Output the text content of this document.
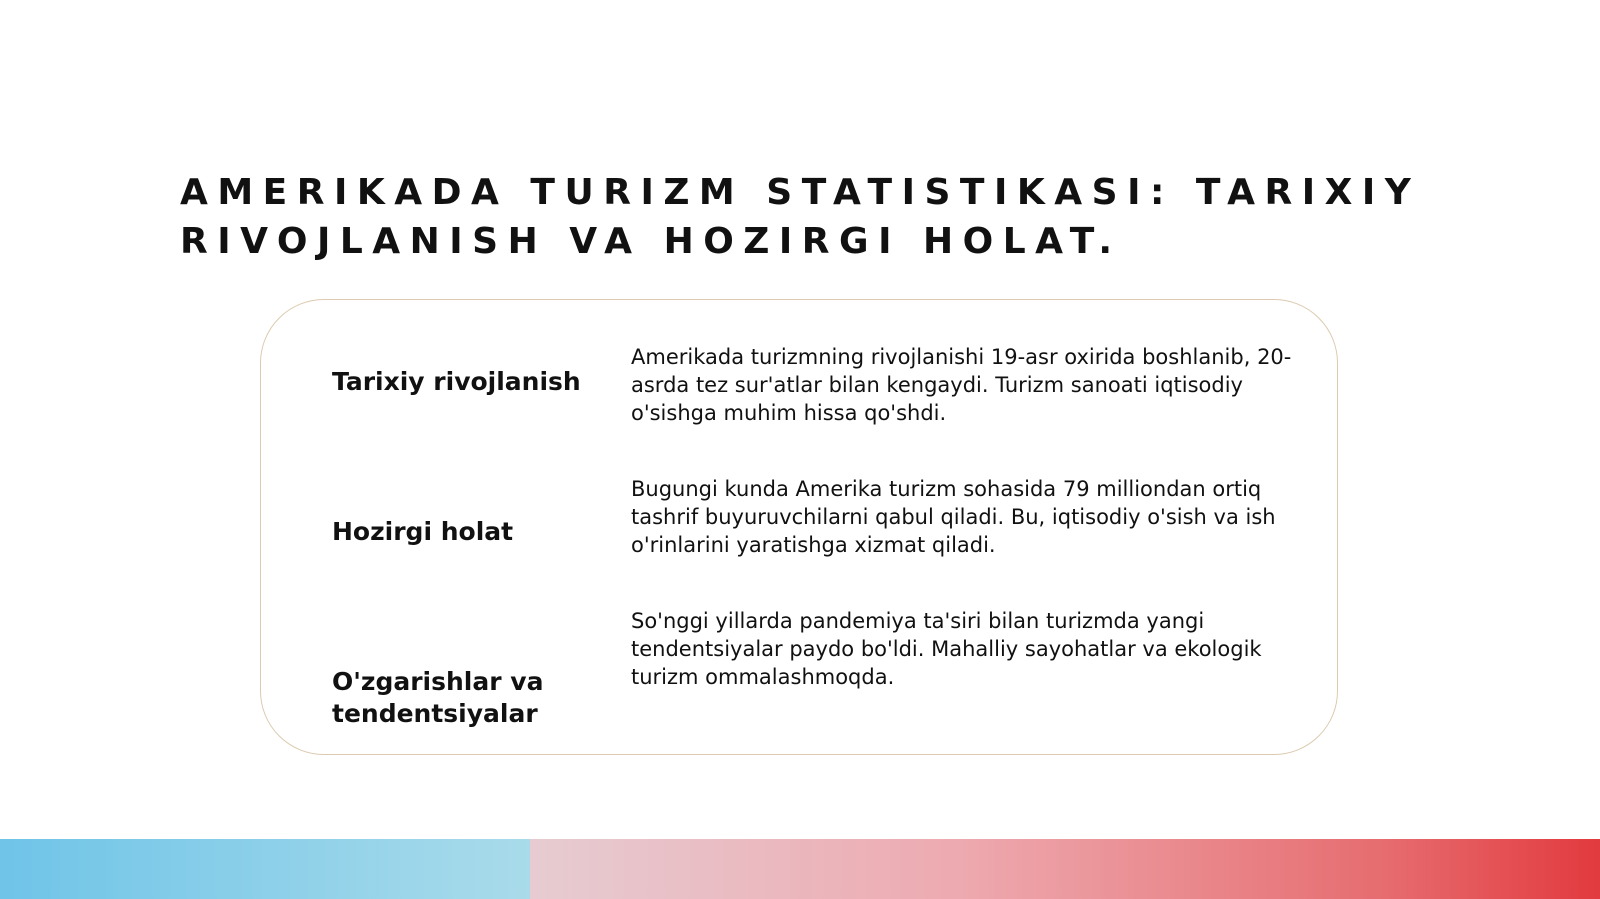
AMERIKADA TURIZM STATISTIKASI: TARIXIY
RIVOJLANISH VA HOZIRGI HOLAT.

Tarixiy rivojlanish

Amerikada turizmning rivojlanishi 19-asr oxirida boshlanib, 20-asrda tez sur'atlar bilan kengaydi. Turizm sanoati iqtisodiy o'sishga muhim hissa qo'shdi.

Hozirgi holat

Bugungi kunda Amerika turizm sohasida 79 milliondan ortiq tashrif buyuruvchilarni qabul qiladi. Bu, iqtisodiy o'sish va ish o'rinlarini yaratishga xizmat qiladi.

O'zgarishlar va tendentsiyalar

So'nggi yillarda pandemiya ta'siri bilan turizmda yangi tendentsiyalar paydo bo'ldi. Mahalliy sayohatlar va ekologik turizm ommalashmoqda.
